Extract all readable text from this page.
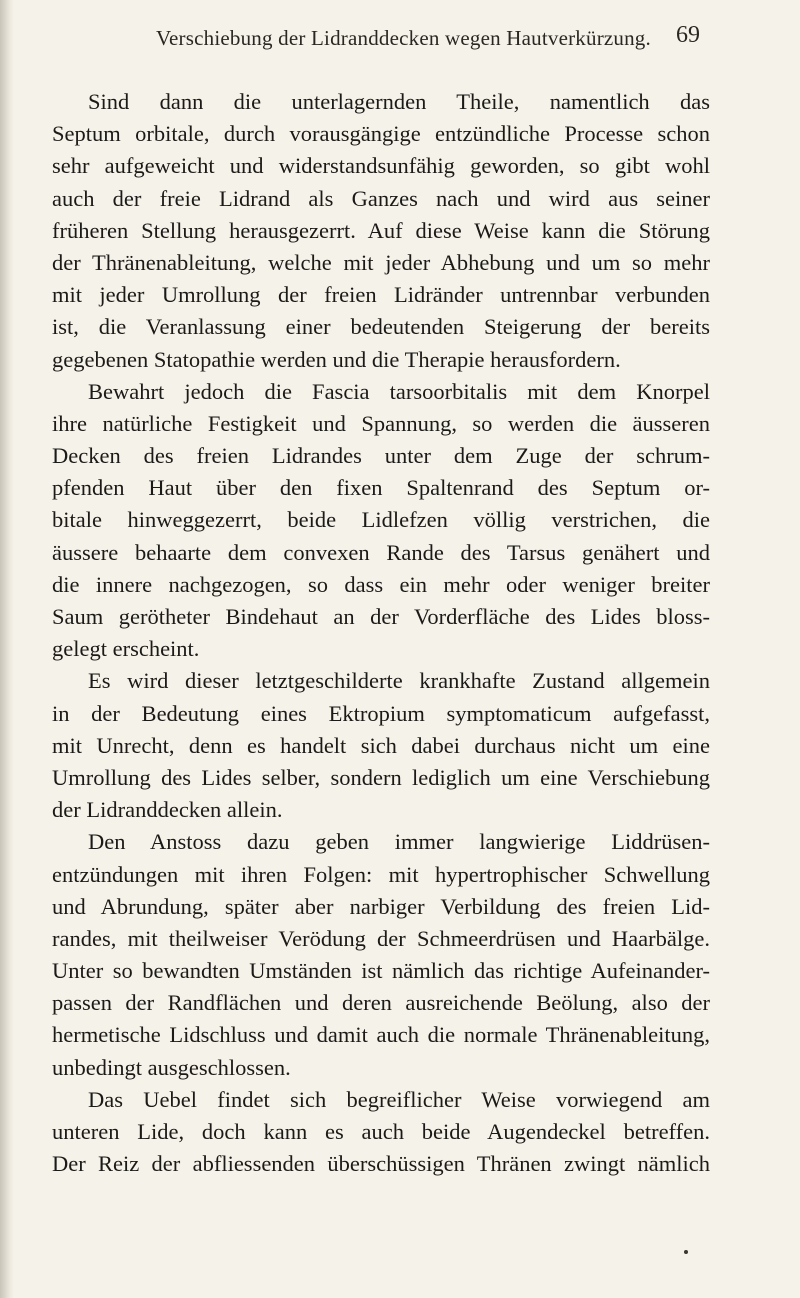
Verschiebung der Lidranddecken wegen Hautverkürzung. 69
Sind dann die unterlagernden Theile, namentlich das
Septum orbitale, durch vorausgängige entzündliche Processe schon
sehr aufgeweicht und widerstandsunfähig geworden, so gibt wohl
auch der freie Lidrand als Ganzes nach und wird aus seiner
früheren Stellung herausgezerrt. Auf diese Weise kann die Störung
der Thränenableitung, welche mit jeder Abhebung und um so mehr
mit jeder Umrollung der freien Lidränder untrennbar verbunden
ist, die Veranlassung einer bedeutenden Steigerung der bereits
gegebenen Statopathie werden und die Therapie herausfordern.
Bewahrt jedoch die Fascia tarsoorbitalis mit dem Knorpel
ihre natürliche Festigkeit und Spannung, so werden die äusseren
Decken des freien Lidrandes unter dem Zuge der schrum-
pfenden Haut über den fixen Spaltenrand des Septum or-
bitale hinweggezerrt, beide Lidlefzen völlig verstrichen, die
äussere behaarte dem convexen Rande des Tarsus genähert und
die innere nachgezogen, so dass ein mehr oder weniger breiter
Saum gerötheter Bindehaut an der Vorderfläche des Lides bloss-
gelegt erscheint.
Es wird dieser letztgeschilderte krankhafte Zustand allgemein
in der Bedeutung eines Ektropium symptomaticum aufgefasst,
mit Unrecht, denn es handelt sich dabei durchaus nicht um eine
Umrollung des Lides selber, sondern lediglich um eine Verschiebung
der Lidranddecken allein.
Den Anstoss dazu geben immer langwierige Liddrüsen-
entzündungen mit ihren Folgen: mit hypertrophischer Schwellung
und Abrundung, später aber narbiger Verbildung des freien Lid-
randes, mit theilweiser Verödung der Schmeerdrüsen und Haarbälge.
Unter so bewandten Umständen ist nämlich das richtige Aufeinander-
passen der Randflächen und deren ausreichende Beölung, also der
hermetische Lidschluss und damit auch die normale Thränenableitung,
unbedingt ausgeschlossen.
Das Uebel findet sich begreiflicher Weise vorwiegend am
unteren Lide, doch kann es auch beide Augendeckel betreffen.
Der Reiz der abfliessenden überschüssigen Thränen zwingt nämlich
